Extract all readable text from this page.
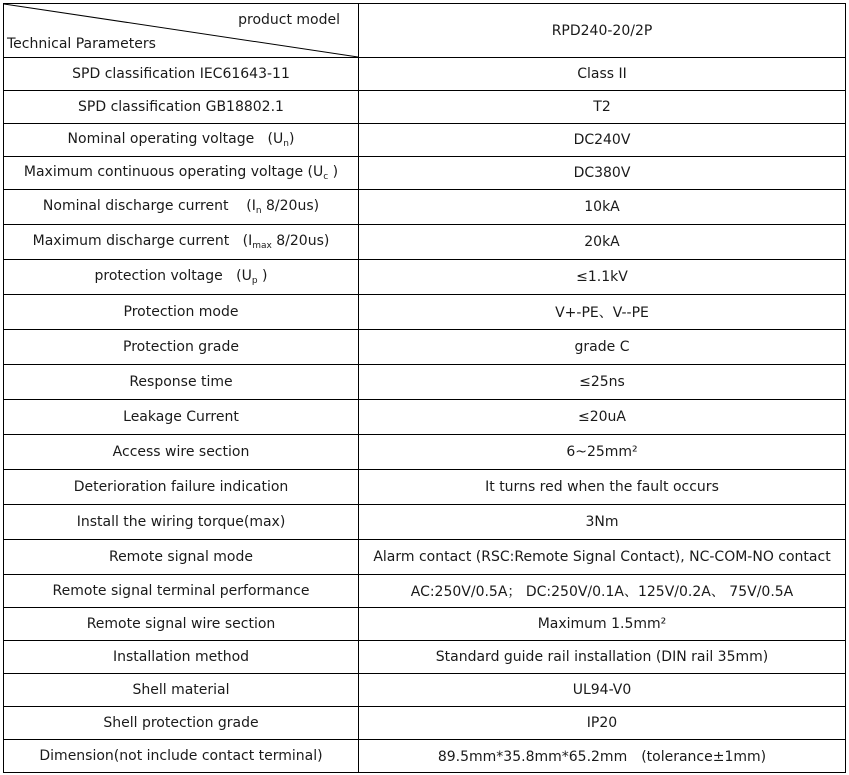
product model
Technical Parameters	RPD240-20/2P
SPD classification IEC61643-11	Class II
SPD classification GB18802.1	T2
Nominal operating voltage   $(U_n)$	DC240V
Maximum continuous operating voltage ($U_c$ )	DC380V
Nominal discharge current    ($I_n$ 8/20us)	10kA
Maximum discharge current   ($I_{max}$ 8/20us)	20kA
protection voltage   ($U_p$ )	≤1.1kV
Protection mode	V+-PE、V--PE
Protection grade	grade C
Response time	≤25ns
Leakage Current	≤20uA
Access wire section	6~25mm²
Deterioration failure indication	It turns red when the fault occurs
Install the wiring torque(max)	3Nm
Remote signal mode	Alarm contact (RSC:Remote Signal Contact), NC-COM-NO contact
Remote signal terminal performance	AC:250V/0.5A； DC:250V/0.1A、125V/0.2A、 75V/0.5A
Remote signal wire section	Maximum 1.5mm²
Installation method	Standard guide rail installation (DIN rail 35mm)
Shell material	UL94-V0
Shell protection grade	IP20
Dimension(not include contact terminal)	89.5mm*35.8mm*65.2mm　(tolerance±1mm)
